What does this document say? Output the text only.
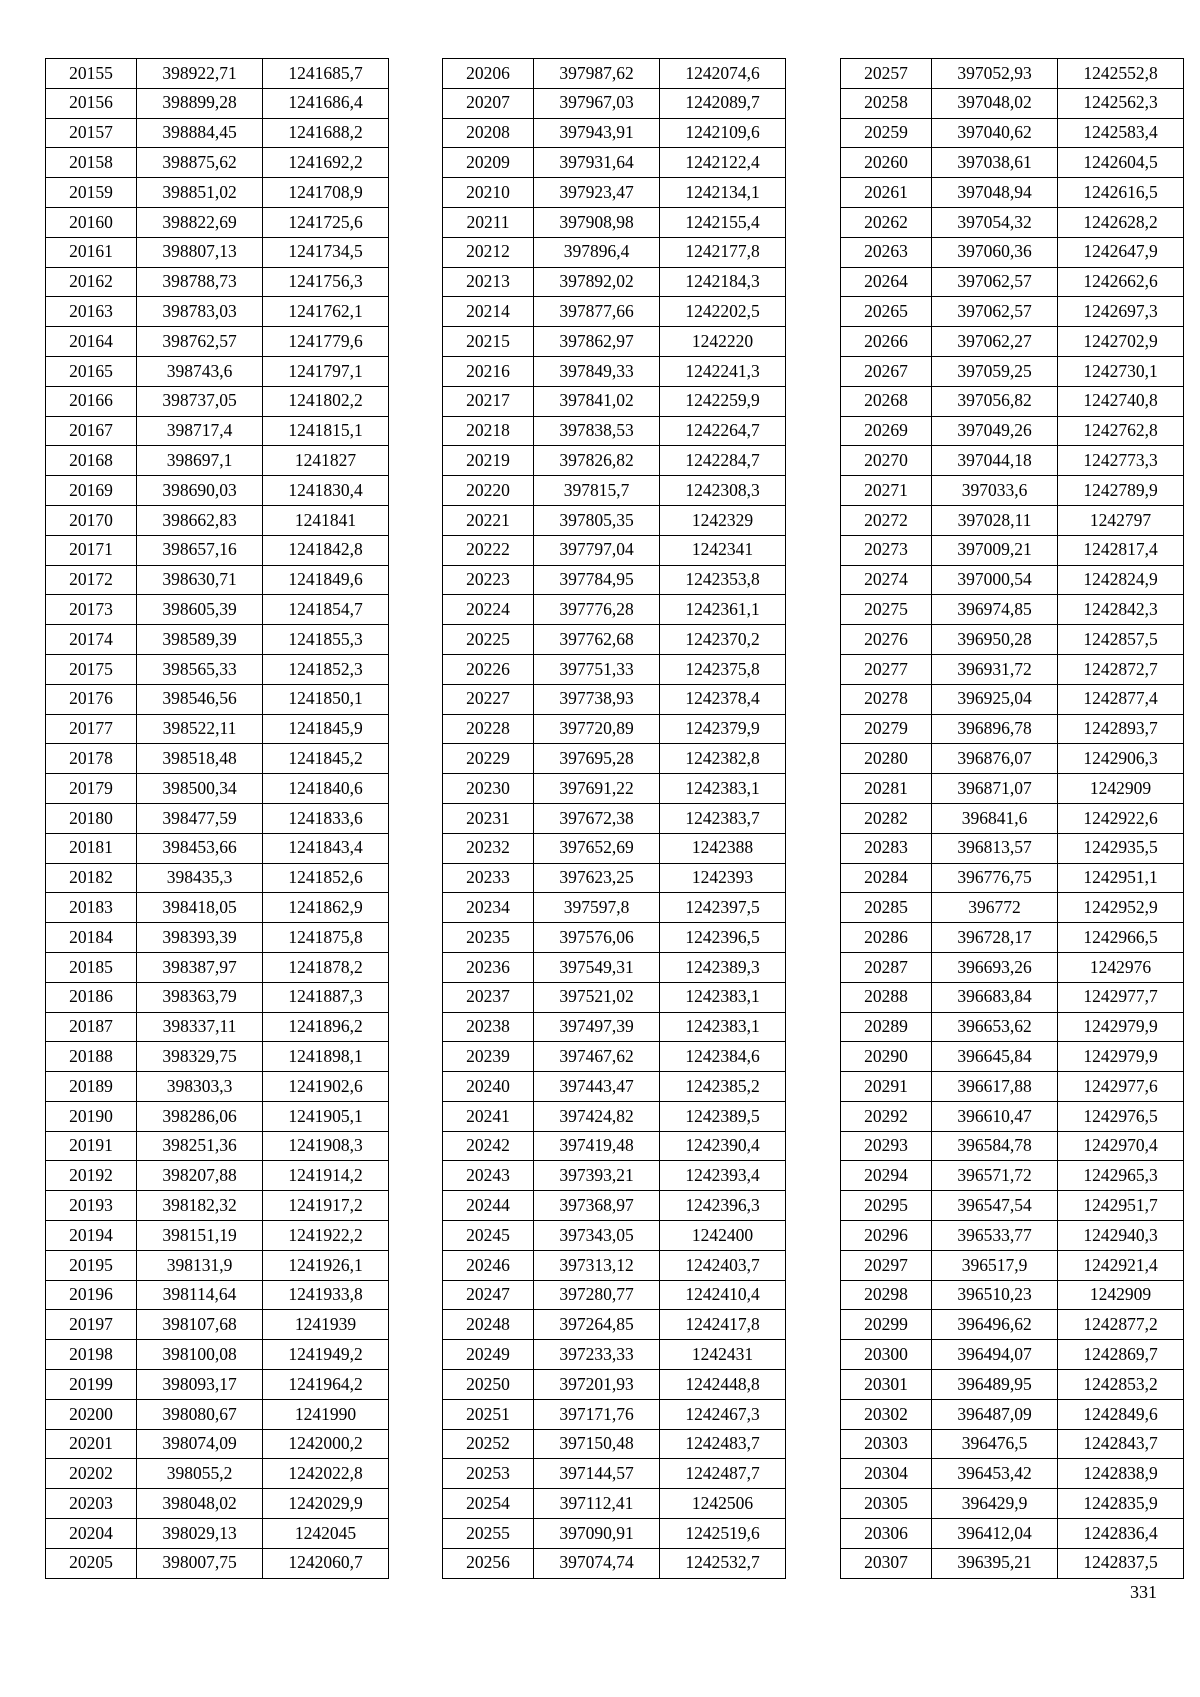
20155	398922,71	1241685,7
20156	398899,28	1241686,4
20157	398884,45	1241688,2
20158	398875,62	1241692,2
20159	398851,02	1241708,9
20160	398822,69	1241725,6
20161	398807,13	1241734,5
20162	398788,73	1241756,3
20163	398783,03	1241762,1
20164	398762,57	1241779,6
20165	398743,6	1241797,1
20166	398737,05	1241802,2
20167	398717,4	1241815,1
20168	398697,1	1241827
20169	398690,03	1241830,4
20170	398662,83	1241841
20171	398657,16	1241842,8
20172	398630,71	1241849,6
20173	398605,39	1241854,7
20174	398589,39	1241855,3
20175	398565,33	1241852,3
20176	398546,56	1241850,1
20177	398522,11	1241845,9
20178	398518,48	1241845,2
20179	398500,34	1241840,6
20180	398477,59	1241833,6
20181	398453,66	1241843,4
20182	398435,3	1241852,6
20183	398418,05	1241862,9
20184	398393,39	1241875,8
20185	398387,97	1241878,2
20186	398363,79	1241887,3
20187	398337,11	1241896,2
20188	398329,75	1241898,1
20189	398303,3	1241902,6
20190	398286,06	1241905,1
20191	398251,36	1241908,3
20192	398207,88	1241914,2
20193	398182,32	1241917,2
20194	398151,19	1241922,2
20195	398131,9	1241926,1
20196	398114,64	1241933,8
20197	398107,68	1241939
20198	398100,08	1241949,2
20199	398093,17	1241964,2
20200	398080,67	1241990
20201	398074,09	1242000,2
20202	398055,2	1242022,8
20203	398048,02	1242029,9
20204	398029,13	1242045
20205	398007,75	1242060,7
20206	397987,62	1242074,6
20207	397967,03	1242089,7
20208	397943,91	1242109,6
20209	397931,64	1242122,4
20210	397923,47	1242134,1
20211	397908,98	1242155,4
20212	397896,4	1242177,8
20213	397892,02	1242184,3
20214	397877,66	1242202,5
20215	397862,97	1242220
20216	397849,33	1242241,3
20217	397841,02	1242259,9
20218	397838,53	1242264,7
20219	397826,82	1242284,7
20220	397815,7	1242308,3
20221	397805,35	1242329
20222	397797,04	1242341
20223	397784,95	1242353,8
20224	397776,28	1242361,1
20225	397762,68	1242370,2
20226	397751,33	1242375,8
20227	397738,93	1242378,4
20228	397720,89	1242379,9
20229	397695,28	1242382,8
20230	397691,22	1242383,1
20231	397672,38	1242383,7
20232	397652,69	1242388
20233	397623,25	1242393
20234	397597,8	1242397,5
20235	397576,06	1242396,5
20236	397549,31	1242389,3
20237	397521,02	1242383,1
20238	397497,39	1242383,1
20239	397467,62	1242384,6
20240	397443,47	1242385,2
20241	397424,82	1242389,5
20242	397419,48	1242390,4
20243	397393,21	1242393,4
20244	397368,97	1242396,3
20245	397343,05	1242400
20246	397313,12	1242403,7
20247	397280,77	1242410,4
20248	397264,85	1242417,8
20249	397233,33	1242431
20250	397201,93	1242448,8
20251	397171,76	1242467,3
20252	397150,48	1242483,7
20253	397144,57	1242487,7
20254	397112,41	1242506
20255	397090,91	1242519,6
20256	397074,74	1242532,7
20257	397052,93	1242552,8
20258	397048,02	1242562,3
20259	397040,62	1242583,4
20260	397038,61	1242604,5
20261	397048,94	1242616,5
20262	397054,32	1242628,2
20263	397060,36	1242647,9
20264	397062,57	1242662,6
20265	397062,57	1242697,3
20266	397062,27	1242702,9
20267	397059,25	1242730,1
20268	397056,82	1242740,8
20269	397049,26	1242762,8
20270	397044,18	1242773,3
20271	397033,6	1242789,9
20272	397028,11	1242797
20273	397009,21	1242817,4
20274	397000,54	1242824,9
20275	396974,85	1242842,3
20276	396950,28	1242857,5
20277	396931,72	1242872,7
20278	396925,04	1242877,4
20279	396896,78	1242893,7
20280	396876,07	1242906,3
20281	396871,07	1242909
20282	396841,6	1242922,6
20283	396813,57	1242935,5
20284	396776,75	1242951,1
20285	396772	1242952,9
20286	396728,17	1242966,5
20287	396693,26	1242976
20288	396683,84	1242977,7
20289	396653,62	1242979,9
20290	396645,84	1242979,9
20291	396617,88	1242977,6
20292	396610,47	1242976,5
20293	396584,78	1242970,4
20294	396571,72	1242965,3
20295	396547,54	1242951,7
20296	396533,77	1242940,3
20297	396517,9	1242921,4
20298	396510,23	1242909
20299	396496,62	1242877,2
20300	396494,07	1242869,7
20301	396489,95	1242853,2
20302	396487,09	1242849,6
20303	396476,5	1242843,7
20304	396453,42	1242838,9
20305	396429,9	1242835,9
20306	396412,04	1242836,4
20307	396395,21	1242837,5
331
